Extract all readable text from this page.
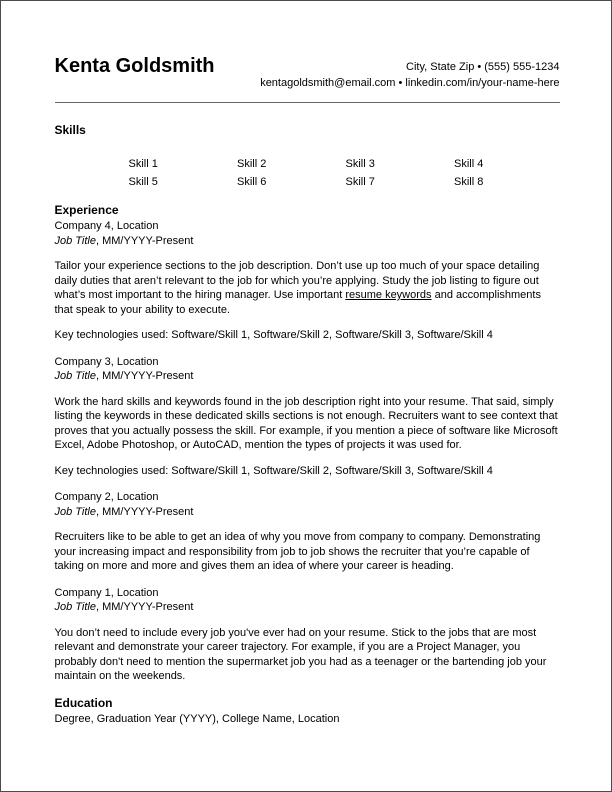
Kenta Goldsmith	City, State Zip • (555) 555-1234
kentagoldsmith@email.com • linkedin.com/in/your-name-here
Skills
Skill 1	Skill 2	Skill 3	Skill 4
Skill 5	Skill 6	Skill 7	Skill 8
Experience

Company 4, Location

Job Title, MM/YYYY-Present

Tailor your experience sections to the job description. Don’t use up too much of your space detailing daily duties that aren’t relevant to the job for which you’re applying. Study the job listing to figure out what’s most important to the hiring manager. Use important resume keywords and accomplishments that speak to your ability to execute.

Key technologies used: Software/Skill 1, Software/Skill 2, Software/Skill 3, Software/Skill 4

Company 3, Location

Job Title, MM/YYYY-Present

Work the hard skills and keywords found in the job description right into your resume. That said, simply listing the keywords in these dedicated skills sections is not enough. Recruiters want to see context that proves that you actually possess the skill. For example, if you mention a piece of software like Microsoft Excel, Adobe Photoshop, or AutoCAD, mention the types of projects it was used for.

Key technologies used: Software/Skill 1, Software/Skill 2, Software/Skill 3, Software/Skill 4

Company 2, Location

Job Title, MM/YYYY-Present

Recruiters like to be able to get an idea of why you move from company to company. Demonstrating your increasing impact and responsibility from job to job shows the recruiter that you’re capable of taking on more and more and gives them an idea of where your career is heading.

Company 1, Location

Job Title, MM/YYYY-Present

You don’t need to include every job you've ever had on your resume. Stick to the jobs that are most relevant and demonstrate your career trajectory. For example, if you are a Project Manager, you probably don't need to mention the supermarket job you had as a teenager or the bartending job your maintain on the weekends.

Education

Degree, Graduation Year (YYYY), College Name, Location
